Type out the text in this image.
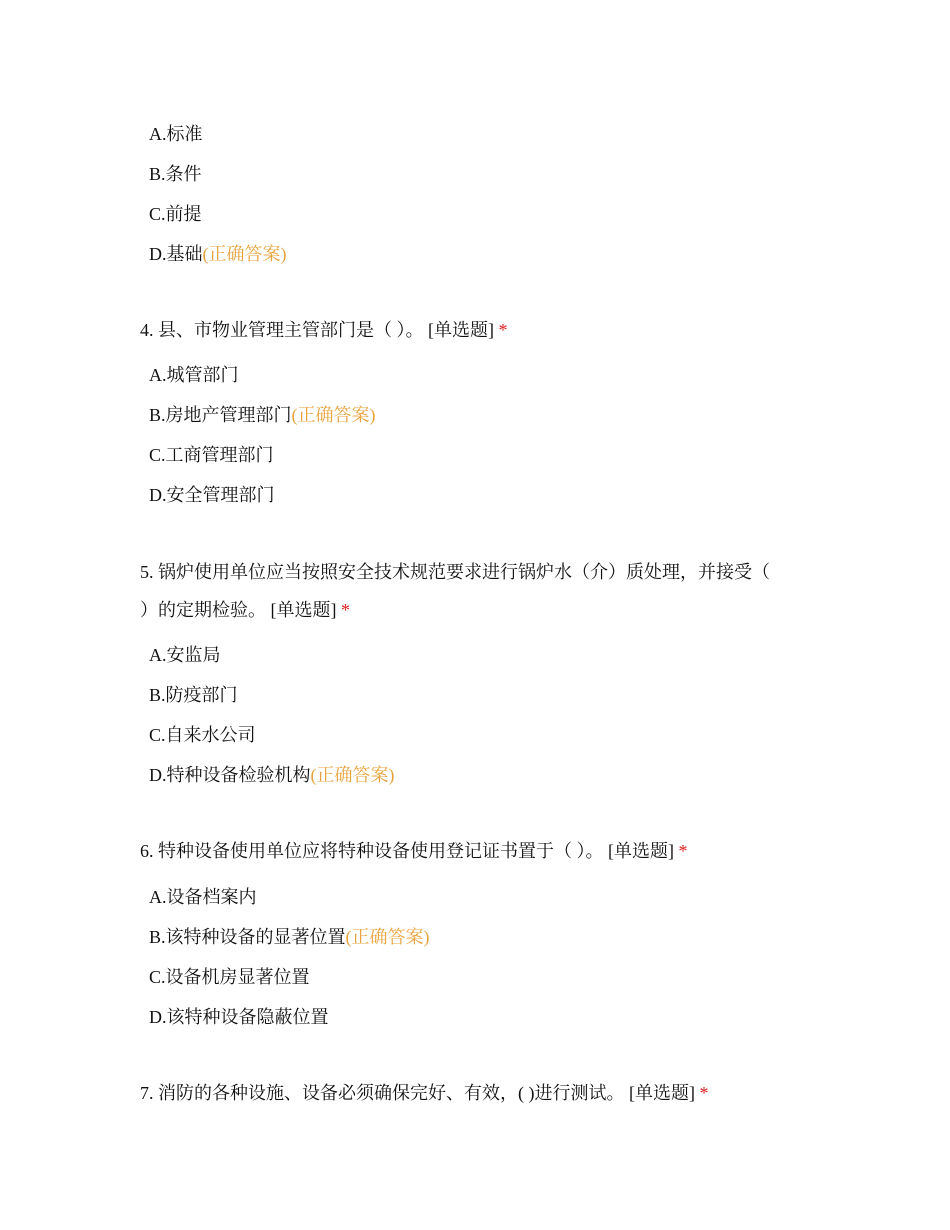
A.标准
B.条件
C.前提
D.基础(正确答案)
4. 县、市物业管理主管部门是（ ）。 [单选题] *
A.城管部门
B.房地产管理部门(正确答案)
C.工商管理部门
D.安全管理部门
5. 锅炉使用单位应当按照安全技术规范要求进行锅炉水（介）质处理，并接受（
）的定期检验。 [单选题] *
A.安监局
B.防疫部门
C.自来水公司
D.特种设备检验机构(正确答案)
6. 特种设备使用单位应将特种设备使用登记证书置于（ ）。 [单选题] *
A.设备档案内
B.该特种设备的显著位置(正确答案)
C.设备机房显著位置
D.该特种设备隐蔽位置
7. 消防的各种设施、设备必须确保完好、有效，( )进行测试。 [单选题] *
